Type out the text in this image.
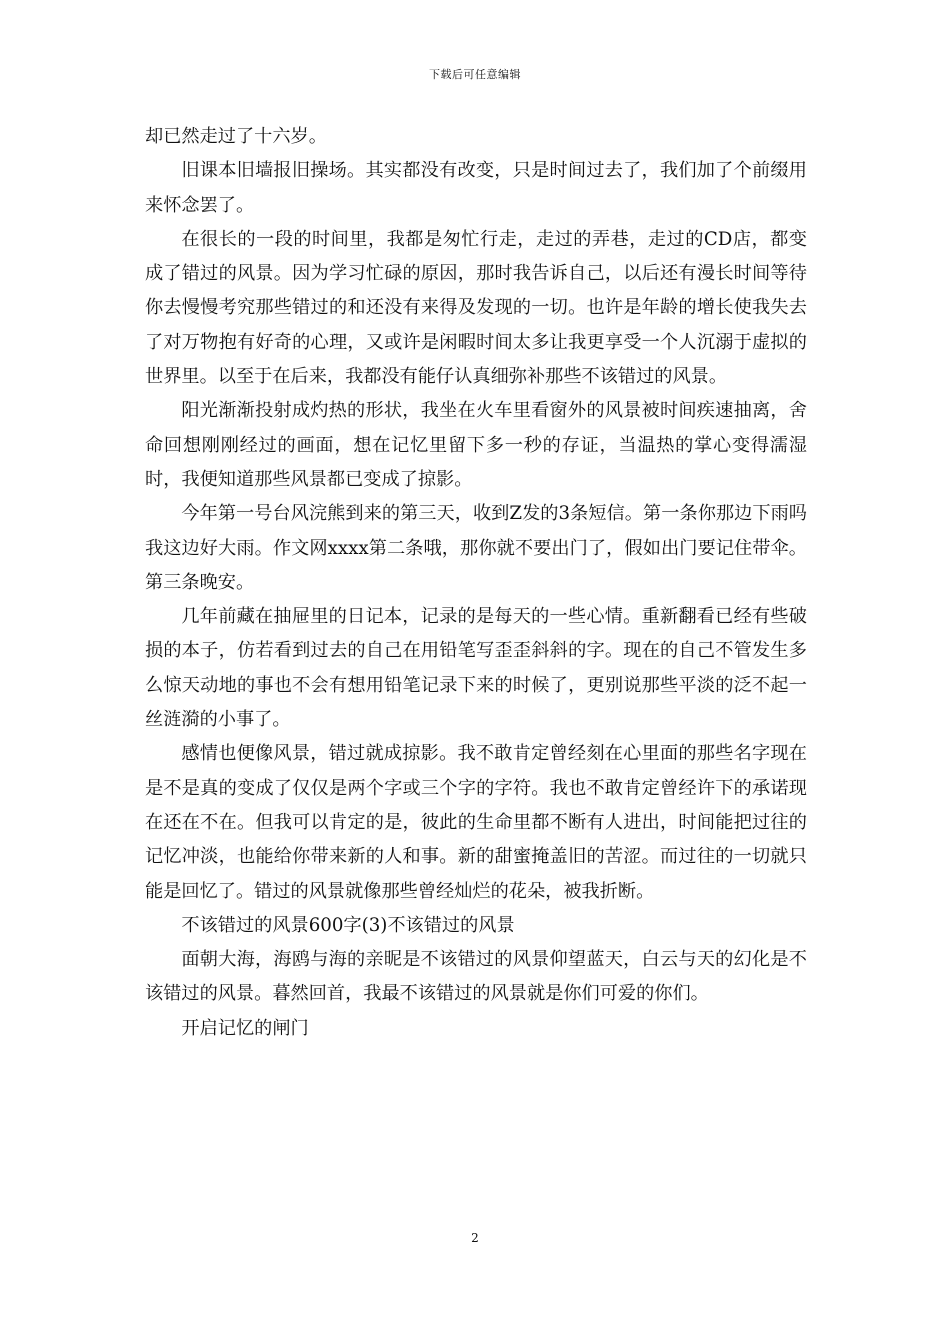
下载后可任意编辑

却已然走过了十六岁。

旧课本旧墙报旧操场。其实都没有改变，只是时间过去了，我们加了个前缀用来怀念罢了。

在很长的一段的时间里，我都是匆忙行走，走过的弄巷，走过的CD店，都变成了错过的风景。因为学习忙碌的原因，那时我告诉自己，以后还有漫长时间等待你去慢慢考究那些错过的和还没有来得及发现的一切。也许是年龄的增长使我失去了对万物抱有好奇的心理，又或许是闲暇时间太多让我更享受一个人沉溺于虚拟的世界里。以至于在后来，我都没有能仔认真细弥补那些不该错过的风景。

阳光渐渐投射成灼热的形状，我坐在火车里看窗外的风景被时间疾速抽离，舍命回想刚刚经过的画面，想在记忆里留下多一秒的存证，当温热的掌心变得濡湿时，我便知道那些风景都已变成了掠影。

今年第一号台风浣熊到来的第三天，收到Z发的3条短信。第一条你那边下雨吗我这边好大雨。作文网xxxx第二条哦，那你就不要出门了，假如出门要记住带伞。第三条晚安。

几年前藏在抽屉里的日记本，记录的是每天的一些心情。重新翻看已经有些破损的本子，仿若看到过去的自己在用铅笔写歪歪斜斜的字。现在的自己不管发生多么惊天动地的事也不会有想用铅笔记录下来的时候了，更别说那些平淡的泛不起一丝涟漪的小事了。

感情也便像风景，错过就成掠影。我不敢肯定曾经刻在心里面的那些名字现在是不是真的变成了仅仅是两个字或三个字的字符。我也不敢肯定曾经许下的承诺现在还在不在。但我可以肯定的是，彼此的生命里都不断有人进出，时间能把过往的记忆冲淡，也能给你带来新的人和事。新的甜蜜掩盖旧的苦涩。而过往的一切就只能是回忆了。错过的风景就像那些曾经灿烂的花朵，被我折断。

不该错过的风景600字(3)不该错过的风景

面朝大海，海鸥与海的亲昵是不该错过的风景仰望蓝天，白云与天的幻化是不该错过的风景。暮然回首，我最不该错过的风景就是你们可爱的你们。

开启记忆的闸门

2
